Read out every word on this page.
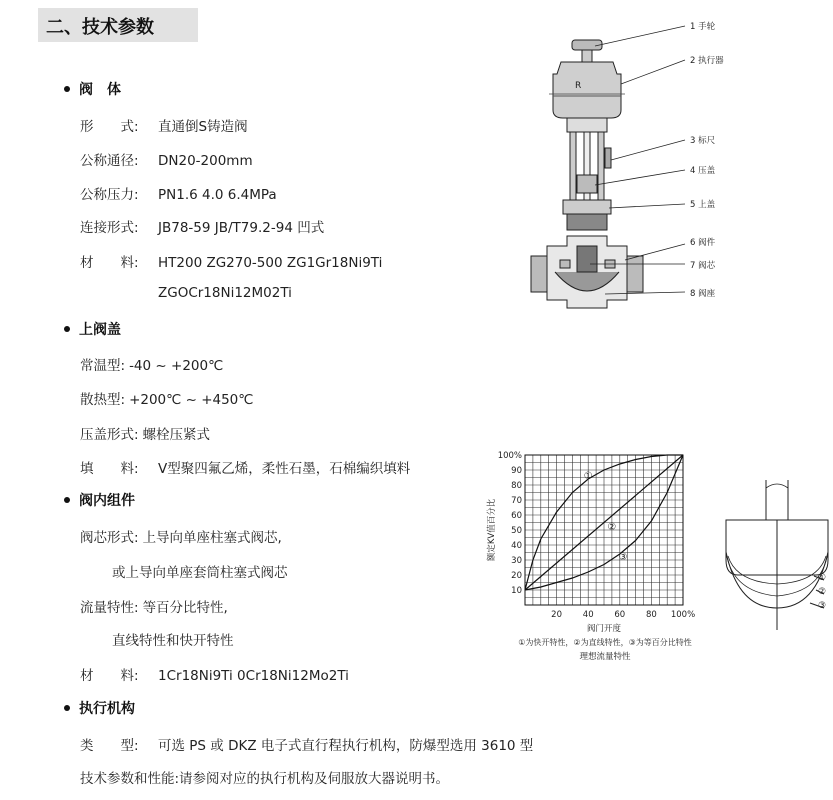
二、技术参数
阀　体
形　　式: 直通倒S铸造阀
公称通径: DN20-200mm
公称压力: PN1.6 4.0 6.4MPa
连接形式: JB78-59 JB/T79.2-94 凹式
材　　料: HT200 ZG270-500 ZG1Gr18Ni9Ti
ZGOCr18Ni12M02Ti
上阀盖
常温型: -40 ~ +200℃
散热型: +200℃ ~ +450℃
压盖形式: 螺栓压紧式
填　　料: V型聚四氟乙烯，柔性石墨，石棉编织填料
阀内组件
阀芯形式: 上导向单座柱塞式阀芯,
或上导向单座套筒柱塞式阀芯
流量特性: 等百分比特性,
直线特性和快开特性
材　　料: 1Cr18Ni9Ti 0Cr18Ni12Mo2Ti
执行机构
类　　型: 可选 PS 或 DKZ 电子式直行程执行机构，防爆型选用 3610 型
技术参数和性能:请参阅对应的执行机构及伺服放大器说明书。
R
1 手轮
2 执行器
3 标尺
4 压盖
5 上盖
6 阀件
7 阀芯
8 阀座
10
20
30
40
50
60
70
80
90
100%
20 40 60 80 100%
①
②
③
额定KV值百分比
阀门开度
①为快开特性，②为直线特性，③为等百分比特性
理想流量特性
①
②
③
